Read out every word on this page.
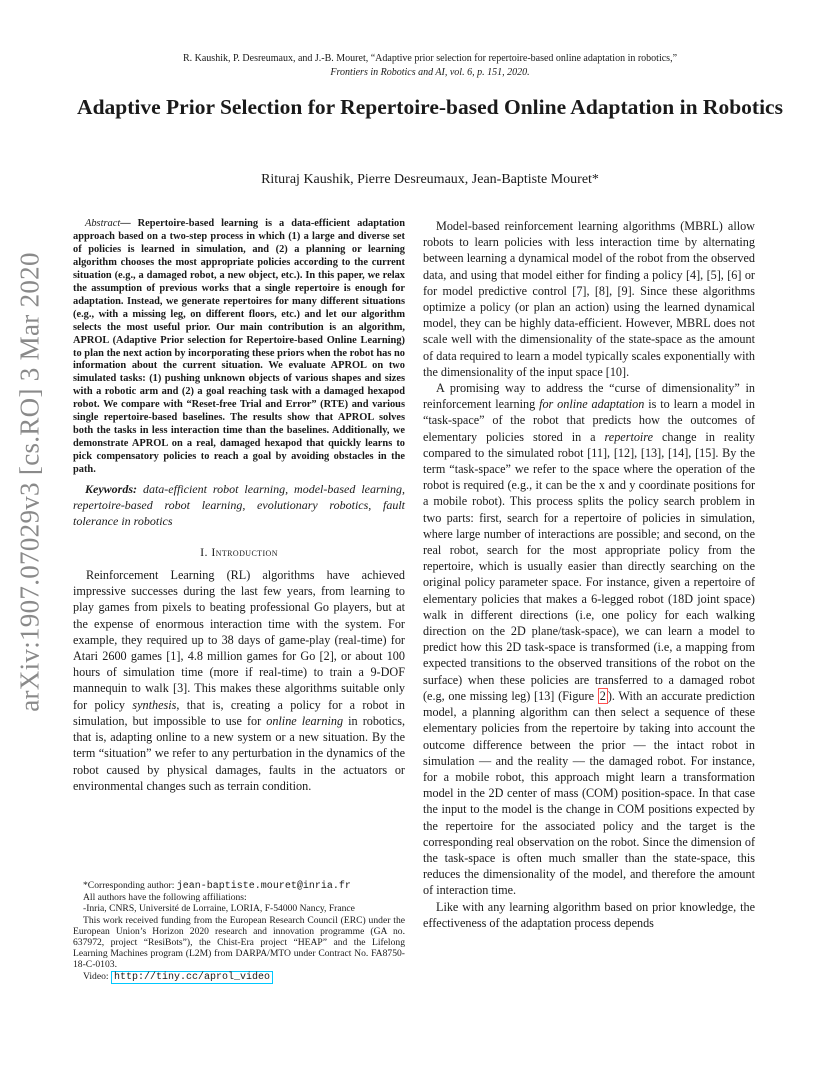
R. Kaushik, P. Desreumaux, and J.-B. Mouret, “Adaptive prior selection for repertoire-based online adaptation in robotics,”
Frontiers in Robotics and AI, vol. 6, p. 151, 2020.
Adaptive Prior Selection for Repertoire-based Online Adaptation in Robotics
Rituraj Kaushik, Pierre Desreumaux, Jean-Baptiste Mouret*
arXiv:1907.07029v3 [cs.RO] 3 Mar 2020

Abstract— Repertoire-based learning is a data-efficient adaptation approach based on a two-step process in which (1) a large and diverse set of policies is learned in simulation, and (2) a planning or learning algorithm chooses the most appropriate policies according to the current situation (e.g., a damaged robot, a new object, etc.). In this paper, we relax the assumption of previous works that a single repertoire is enough for adaptation. Instead, we generate repertoires for many different situations (e.g., with a missing leg, on different floors, etc.) and let our algorithm selects the most useful prior. Our main contribution is an algorithm, APROL (Adaptive Prior selection for Repertoire-based Online Learning) to plan the next action by incorporating these priors when the robot has no information about the current situation. We evaluate APROL on two simulated tasks: (1) pushing unknown objects of various shapes and sizes with a robotic arm and (2) a goal reaching task with a damaged hexapod robot. We compare with “Reset-free Trial and Error” (RTE) and various single repertoire-based baselines. The results show that APROL solves both the tasks in less interaction time than the baselines. Additionally, we demonstrate APROL on a real, damaged hexapod that quickly learns to pick compensatory policies to reach a goal by avoiding obstacles in the path.

Keywords: data-efficient robot learning, model-based learning, repertoire-based robot learning, evolutionary robotics, fault tolerance in robotics

I. Introduction

Reinforcement Learning (RL) algorithms have achieved impressive successes during the last few years, from learning to play games from pixels to beating professional Go players, but at the expense of enormous interaction time with the system. For example, they required up to 38 days of game-play (real-time) for Atari 2600 games [1], 4.8 million games for Go [2], or about 100 hours of simulation time (more if real-time) to train a 9-DOF mannequin to walk [3]. This makes these algorithms suitable only for policy synthesis, that is, creating a policy for a robot in simulation, but impossible to use for online learning in robotics, that is, adapting online to a new system or a new situation. By the term “situation” we refer to any perturbation in the dynamics of the robot caused by physical damages, faults in the actuators or environmental changes such as terrain condition.

*Corresponding author: jean-baptiste.mouret@inria.fr

All authors have the following affiliations:

-Inria, CNRS, Université de Lorraine, LORIA, F-54000 Nancy, France

This work received funding from the European Research Council (ERC) under the European Union’s Horizon 2020 research and innovation programme (GA no. 637972, project “ResiBots”), the Chist-Era project “HEAP” and the Lifelong Learning Machines program (L2M) from DARPA/MTO under Contract No. FA8750-18-C-0103.

Video: http://tiny.cc/aprol_video

Model-based reinforcement learning algorithms (MBRL) allow robots to learn policies with less interaction time by alternating between learning a dynamical model of the robot from the observed data, and using that model either for finding a policy [4], [5], [6] or for model predictive control [7], [8], [9]. Since these algorithms optimize a policy (or plan an action) using the learned dynamical model, they can be highly data-efficient. However, MBRL does not scale well with the dimensionality of the state-space as the amount of data required to learn a model typically scales exponentially with the dimensionality of the input space [10].

A promising way to address the “curse of dimensionality” in reinforcement learning for online adaptation is to learn a model in “task-space” of the robot that predicts how the outcomes of elementary policies stored in a repertoire change in reality compared to the simulated robot [11], [12], [13], [14], [15]. By the term “task-space” we refer to the space where the operation of the robot is required (e.g., it can be the x and y coordinate positions for a mobile robot). This process splits the policy search problem in two parts: first, search for a repertoire of policies in simulation, where large number of interactions are possible; and second, on the real robot, search for the most appropriate policy from the repertoire, which is usually easier than directly searching on the original policy parameter space. For instance, given a repertoire of elementary policies that makes a 6-legged robot (18D joint space) walk in different directions (i.e, one policy for each walking direction on the 2D plane/task-space), we can learn a model to predict how this 2D task-space is transformed (i.e, a mapping from expected transitions to the observed transitions of the robot on the surface) when these policies are transferred to a damaged robot (e.g, one missing leg) [13] (Figure 2 ). With an accurate prediction model, a planning algorithm can then select a sequence of these elementary policies from the repertoire by taking into account the outcome difference between the prior — the intact robot in simulation — and the reality — the damaged robot. For instance, for a mobile robot, this approach might learn a transformation model in the 2D center of mass (COM) position-space. In that case the input to the model is the change in COM positions expected by the repertoire for the associated policy and the target is the corresponding real observation on the robot. Since the dimension of the task-space is often much smaller than the state-space, this reduces the dimensionality of the model, and therefore the amount of interaction time.

Like with any learning algorithm based on prior knowledge, the effectiveness of the adaptation process depends
